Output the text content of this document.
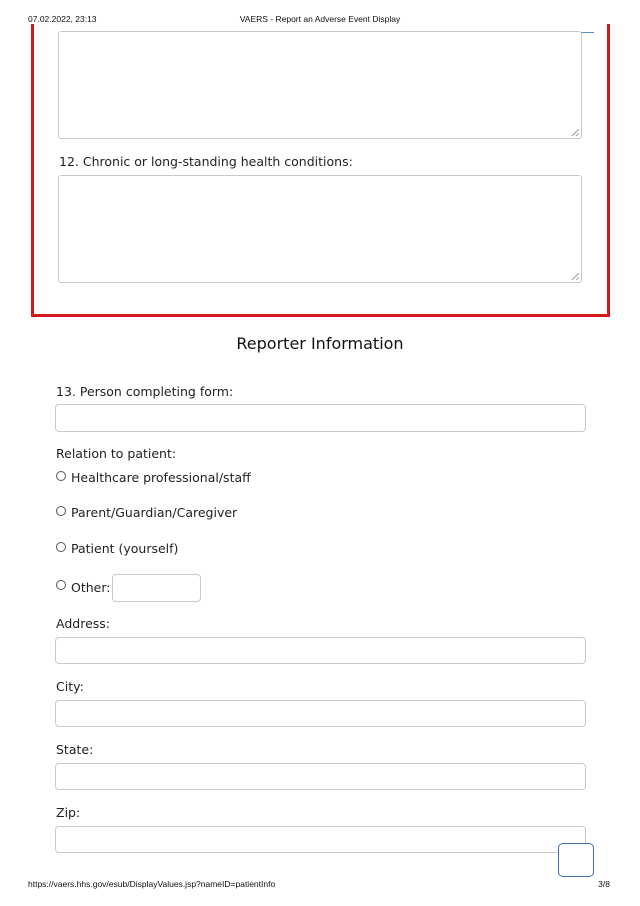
07.02.2022, 23:13	VAERS - Report an Adverse Event Display
12. Chronic or long-standing health conditions:
Reporter Information
13. Person completing form:
Relation to patient:
Healthcare professional/staff
Parent/Guardian/Caregiver
Patient (yourself)
Other:
Address:
City:
State:
Zip:
https://vaers.hhs.gov/esub/DisplayValues.jsp?nameID=patientInfo	3/8
